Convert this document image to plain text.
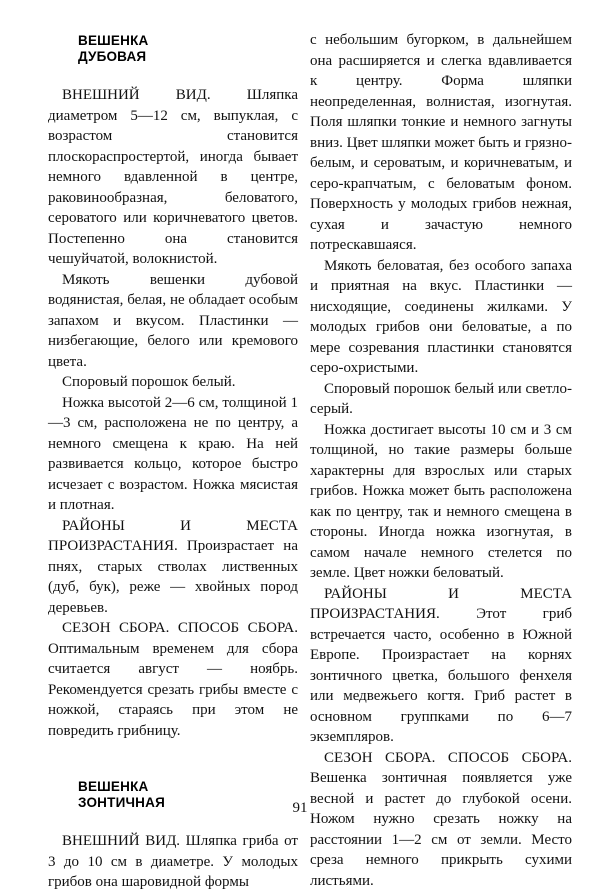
ВЕШЕНКА
ДУБОВАЯ

ВНЕШНИЙ ВИД. Шляпка диаметром 5—12 см, выпуклая, с возрастом становится плоскораспростертой, иногда бывает немного вдавленной в центре, раковинообразная, беловатого, сероватого или коричневатого цветов. Постепенно она становится чешуйчатой, волокнистой.

Мякоть вешенки дубовой водянистая, белая, не обладает особым запахом и вкусом. Пластинки — низбегающие, белого или кремового цвета.

Споровый порошок белый.

Ножка высотой 2—6 см, толщиной 1—3 см, расположена не по центру, а немного смещена к краю. На ней развивается кольцо, которое быстро исчезает с возрастом. Ножка мясистая и плотная.

РАЙОНЫ И МЕСТА ПРОИЗРАСТАНИЯ. Произрастает на пнях, старых стволах лиственных (дуб, бук), реже — хвойных пород деревьев.

СЕЗОН СБОРА. СПОСОБ СБОРА. Оптимальным временем для сбора считается август — ноябрь. Рекомендуется срезать грибы вместе с ножкой, стараясь при этом не повредить грибницу.

ВЕШЕНКА
ЗОНТИЧНАЯ

ВНЕШНИЙ ВИД. Шляпка гриба от 3 до 10 см в диаметре. У молодых грибов она шаровидной формы

с небольшим бугорком, в дальнейшем она расширяется и слегка вдавливается к центру. Форма шляпки неопределенная, волнистая, изогнутая. Поля шляпки тонкие и немного загнуты вниз. Цвет шляпки может быть и грязно-белым, и сероватым, и коричневатым, и серо-крапчатым, с беловатым фоном. Поверхность у молодых грибов нежная, сухая и зачастую немного потрескавшаяся.

Мякоть беловатая, без особого запаха и приятная на вкус. Пластинки — нисходящие, соединены жилками. У молодых грибов они беловатые, а по мере созревания пластинки становятся серо-охристыми.

Споровый порошок белый или светло-серый.

Ножка достигает высоты 10 см и 3 см толщиной, но такие размеры больше характерны для взрослых или старых грибов. Ножка может быть расположена как по центру, так и немного смещена в стороны. Иногда ножка изогнутая, в самом начале немного стелется по земле. Цвет ножки беловатый.

РАЙОНЫ И МЕСТА ПРОИЗРАСТАНИЯ. Этот гриб встречается часто, особенно в Южной Европе. Произрастает на корнях зонтичного цветка, большого фенхеля или медвежьего когтя. Гриб растет в основном группками по 6—7 экземпляров.

СЕЗОН СБОРА. СПОСОБ СБОРА. Вешенка зонтичная появляется уже весной и растет до глубокой осени. Ножом нужно срезать ножку на расстоянии 1—2 см от земли. Место среза немного прикрыть сухими листьями.

91
